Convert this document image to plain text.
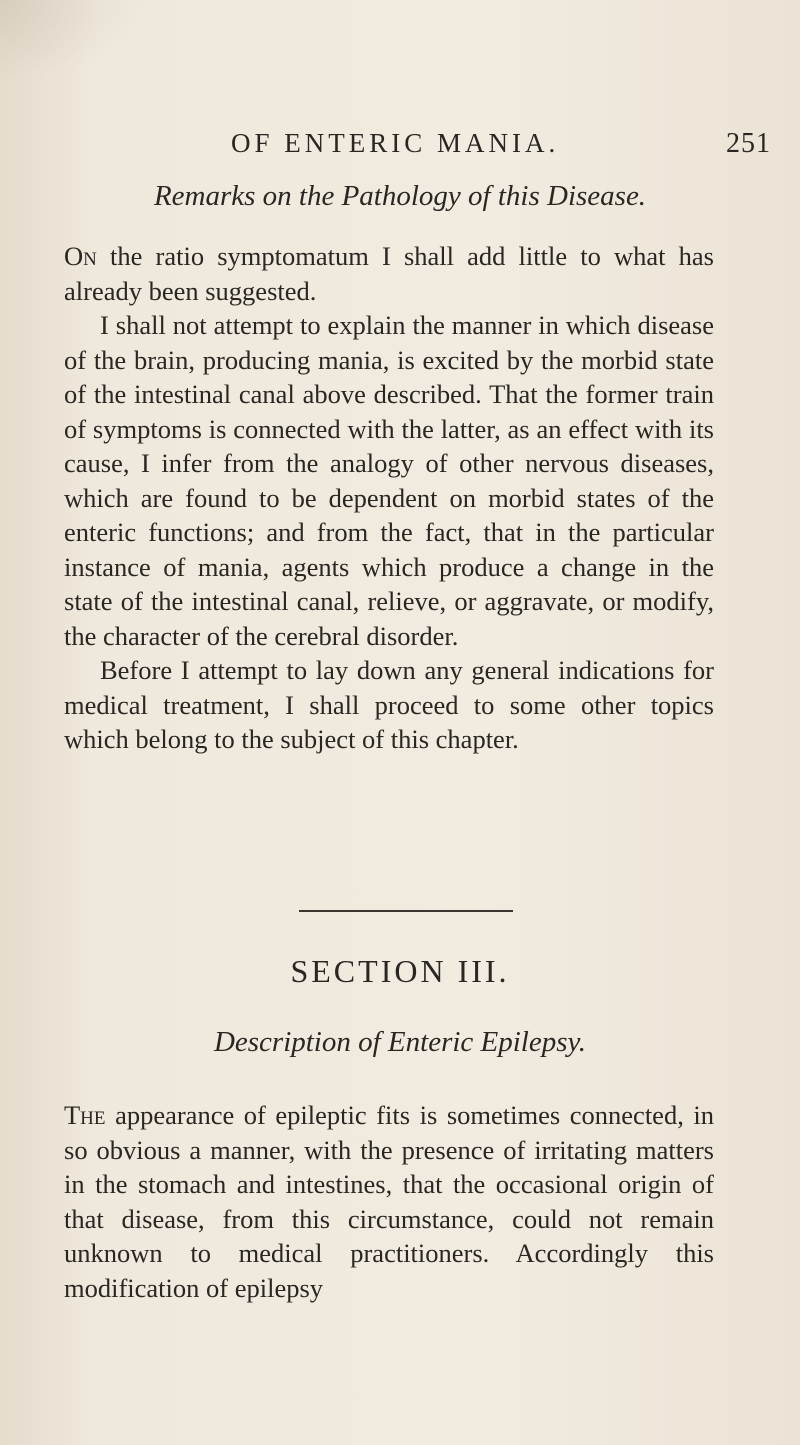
OF ENTERIC MANIA.	251
Remarks on the Pathology of this Disease.

On the ratio symptomatum I shall add little to what has already been suggested.

I shall not attempt to explain the manner in which disease of the brain, producing mania, is excited by the morbid state of the intestinal canal above described. That the former train of symptoms is connected with the latter, as an effect with its cause, I infer from the analogy of other nervous diseases, which are found to be dependent on morbid states of the enteric functions; and from the fact, that in the particular instance of mania, agents which produce a change in the state of the intestinal canal, relieve, or aggravate, or modify, the character of the cerebral disorder.

Before I attempt to lay down any general indications for medical treatment, I shall proceed to some other topics which belong to the subject of this chapter.

SECTION III.
Description of Enteric Epilepsy.

The appearance of epileptic fits is sometimes connected, in so obvious a manner, with the presence of irritating matters in the stomach and intestines, that the occasional origin of that disease, from this circumstance, could not remain unknown to medical practitioners. Accordingly this modification of epilepsy
